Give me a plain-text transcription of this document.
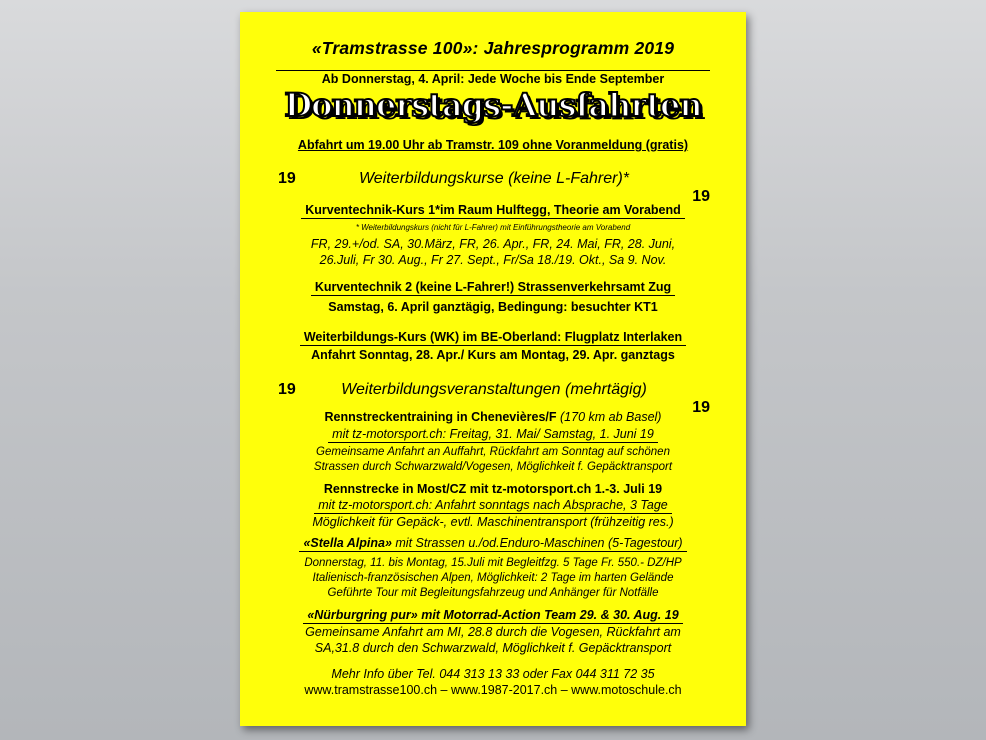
«Tramstrasse 100»: Jahresprogramm 2019
Ab Donnerstag, 4. April: Jede Woche bis Ende September
Donnerstags-Ausfahrten
Abfahrt um 19.00 Uhr ab Tramstr. 109 ohne Voranmeldung (gratis)
19	Weiterbildungskurse (keine L-Fahrer)*
19
Kurventechnik-Kurs 1*im Raum Hulftegg, Theorie am Vorabend
* Weiterbildungskurs (nicht für L-Fahrer) mit Einführungstheorie am Vorabend
FR, 29.+/od. SA, 30.März, FR, 26. Apr., FR, 24. Mai, FR, 28. Juni,
26.Juli, Fr 30. Aug., Fr 27. Sept., Fr/Sa 18./19. Okt., Sa 9. Nov.
Kurventechnik 2 (keine L-Fahrer!) Strassenverkehrsamt Zug
Samstag, 6. April ganztägig, Bedingung: besuchter KT1
Weiterbildungs-Kurs (WK) im BE-Oberland: Flugplatz Interlaken
Anfahrt Sonntag, 28. Apr./ Kurs am Montag, 29. Apr. ganztags
19	Weiterbildungsveranstaltungen (mehrtägig)
19
Rennstreckentraining in Chenevières/F (170 km ab Basel)
mit tz-motorsport.ch: Freitag, 31. Mai/ Samstag, 1. Juni 19
Gemeinsame Anfahrt an Auffahrt, Rückfahrt am Sonntag auf schönen
Strassen durch Schwarzwald/Vogesen, Möglichkeit f. Gepäcktransport
Rennstrecke in Most/CZ mit tz-motorsport.ch 1.-3. Juli 19
mit tz-motorsport.ch: Anfahrt sonntags nach Absprache, 3 Tage
Möglichkeit für Gepäck-, evtl. Maschinentransport (frühzeitig res.)
«Stella Alpina» mit Strassen u./od.Enduro-Maschinen (5-Tagestour)
Donnerstag, 11. bis Montag, 15.Juli mit Begleitfzg. 5 Tage Fr. 550.- DZ/HP
Italienisch-französischen Alpen, Möglichkeit: 2 Tage im harten Gelände
Geführte Tour mit Begleitungsfahrzeug und Anhänger für Notfälle
«Nürburgring pur» mit Motorrad-Action Team 29. & 30. Aug. 19
Gemeinsame Anfahrt am MI, 28.8 durch die Vogesen, Rückfahrt am
SA,31.8 durch den Schwarzwald, Möglichkeit f. Gepäcktransport
Mehr Info über Tel. 044 313 13 33 oder Fax 044 311 72 35
www.tramstrasse100.ch – www.1987-2017.ch – www.motoschule.ch
